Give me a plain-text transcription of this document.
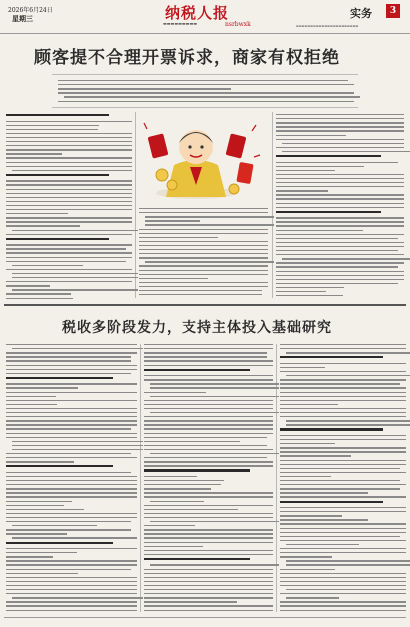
2026年6月24日
星期三	纳税人报
▬▬▬▬▬▬▬▬▬	nsrbwxk
实务	3
▬▬▬▬▬▬▬▬▬▬▬▬▬▬▬▬▬▬▬▬▬▬
顾客提不合理开票诉求，商家有权拒绝
税收多阶段发力，支持主体投入基础研究
